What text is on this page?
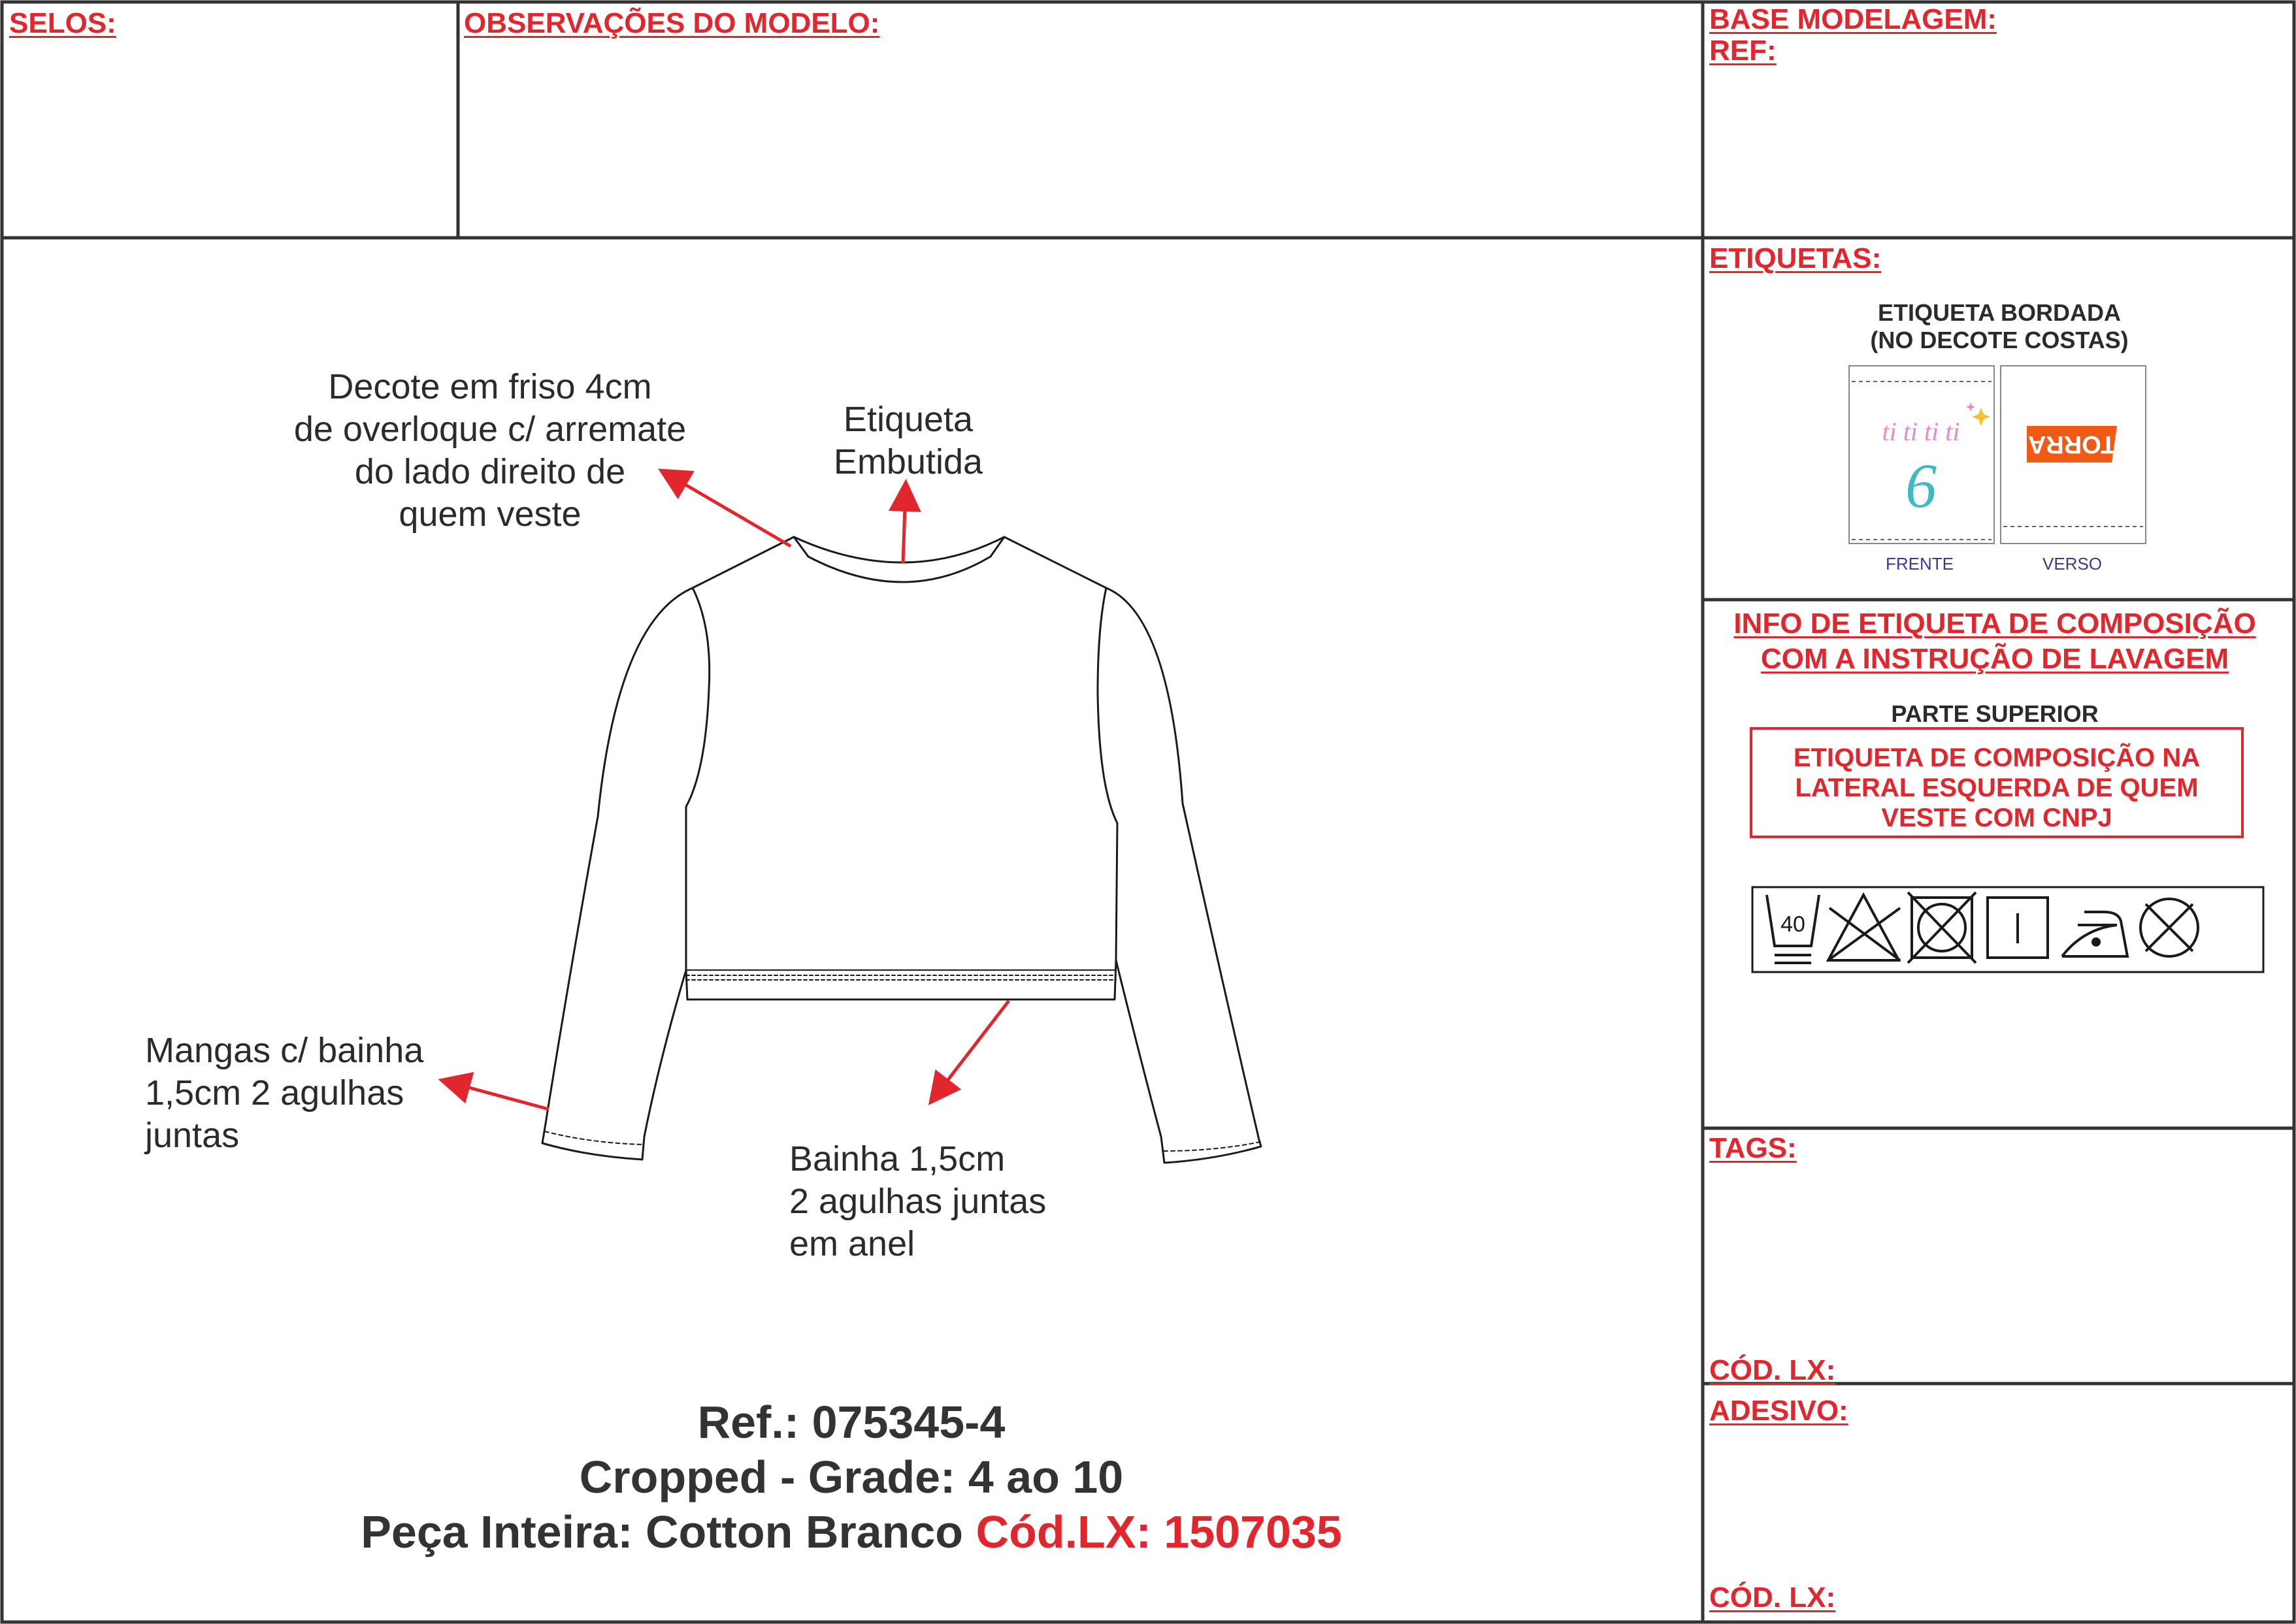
SELOS:	OBSERVAÇÕES DO MODELO:	BASE MODELAGEM:
REF:
ETIQUETAS:
TAGS:
CÓD. LX:
ADESIVO:
CÓD. LX:
Decote em friso 4cm
de overloque c/ arremate
do lado direito de
quem veste
Etiqueta
Embutida
Mangas c/ bainha
1,5cm 2 agulhas
juntas
Bainha 1,5cm
2 agulhas juntas
em anel
ETIQUETA BORDADA
(NO DECOTE COSTAS)
ti ti ti ti
6
TORRA
FRENTE	VERSO
INFO DE ETIQUETA DE COMPOSIÇÃO
COM A INSTRUÇÃO DE LAVAGEM
PARTE SUPERIOR
ETIQUETA DE COMPOSIÇÃO NA
LATERAL ESQUERDA DE QUEM
VESTE COM CNPJ
40
Ref.: 075345-4
Cropped - Grade: 4 ao 10
Peça Inteira: Cotton Branco Cód.LX: 1507035
